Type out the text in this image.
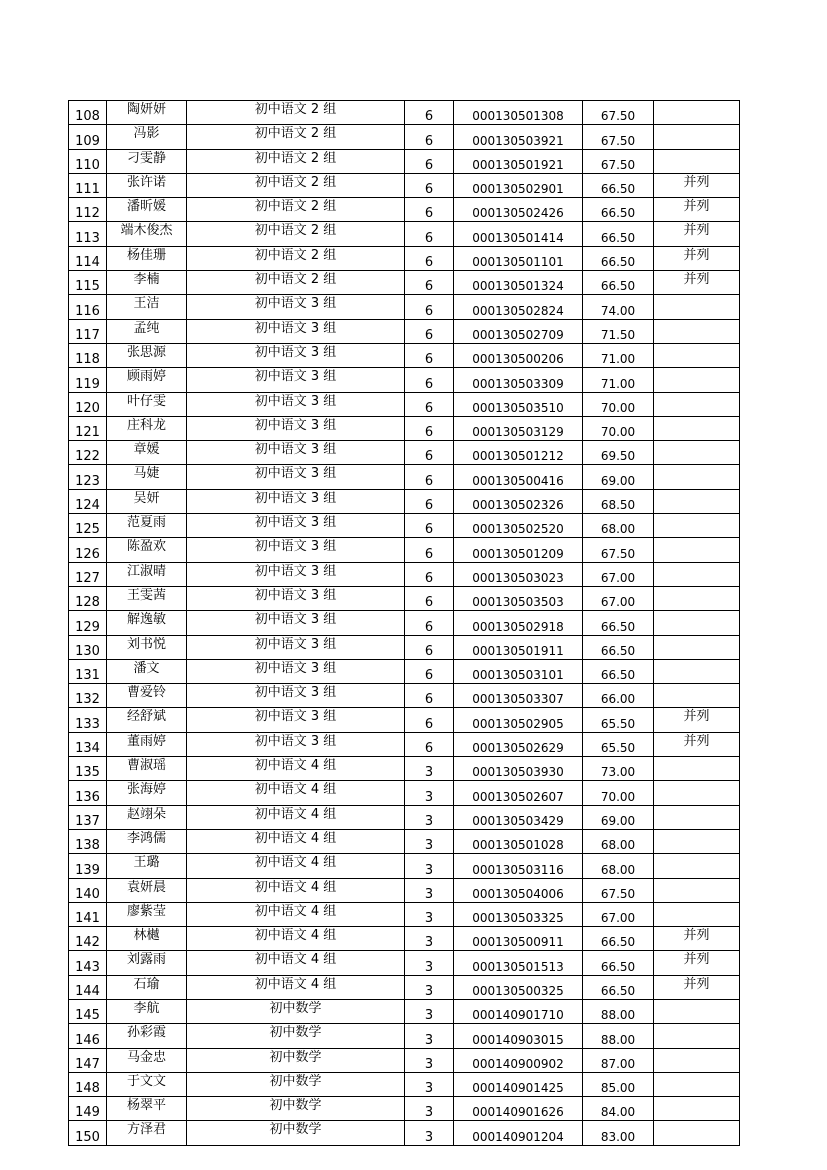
108	陶妍妍	初中语文 2 组	6	000130501308	67.50	
109	冯影	初中语文 2 组	6	000130503921	67.50	
110	刁雯静	初中语文 2 组	6	000130501921	67.50	
111	张许诺	初中语文 2 组	6	000130502901	66.50	并列
112	潘昕媛	初中语文 2 组	6	000130502426	66.50	并列
113	端木俊杰	初中语文 2 组	6	000130501414	66.50	并列
114	杨佳珊	初中语文 2 组	6	000130501101	66.50	并列
115	李楠	初中语文 2 组	6	000130501324	66.50	并列
116	王洁	初中语文 3 组	6	000130502824	74.00	
117	孟纯	初中语文 3 组	6	000130502709	71.50	
118	张思源	初中语文 3 组	6	000130500206	71.00	
119	顾雨婷	初中语文 3 组	6	000130503309	71.00	
120	叶仔雯	初中语文 3 组	6	000130503510	70.00	
121	庄科龙	初中语文 3 组	6	000130503129	70.00	
122	章媛	初中语文 3 组	6	000130501212	69.50	
123	马婕	初中语文 3 组	6	000130500416	69.00	
124	吴妍	初中语文 3 组	6	000130502326	68.50	
125	范夏雨	初中语文 3 组	6	000130502520	68.00	
126	陈盈欢	初中语文 3 组	6	000130501209	67.50	
127	江淑晴	初中语文 3 组	6	000130503023	67.00	
128	王雯茜	初中语文 3 组	6	000130503503	67.00	
129	解逸敏	初中语文 3 组	6	000130502918	66.50	
130	刘书悦	初中语文 3 组	6	000130501911	66.50	
131	潘文	初中语文 3 组	6	000130503101	66.50	
132	曹爱铃	初中语文 3 组	6	000130503307	66.00	
133	经舒斌	初中语文 3 组	6	000130502905	65.50	并列
134	董雨婷	初中语文 3 组	6	000130502629	65.50	并列
135	曹淑瑶	初中语文 4 组	3	000130503930	73.00	
136	张海婷	初中语文 4 组	3	000130502607	70.00	
137	赵翊朵	初中语文 4 组	3	000130503429	69.00	
138	李鸿儒	初中语文 4 组	3	000130501028	68.00	
139	王璐	初中语文 4 组	3	000130503116	68.00	
140	袁妍晨	初中语文 4 组	3	000130504006	67.50	
141	廖紫莹	初中语文 4 组	3	000130503325	67.00	
142	林樾	初中语文 4 组	3	000130500911	66.50	并列
143	刘露雨	初中语文 4 组	3	000130501513	66.50	并列
144	石瑜	初中语文 4 组	3	000130500325	66.50	并列
145	李航	初中数学	3	000140901710	88.00	
146	孙彩霞	初中数学	3	000140903015	88.00	
147	马金忠	初中数学	3	000140900902	87.00	
148	于文文	初中数学	3	000140901425	85.00	
149	杨翠平	初中数学	3	000140901626	84.00	
150	方泽君	初中数学	3	000140901204	83.00	
